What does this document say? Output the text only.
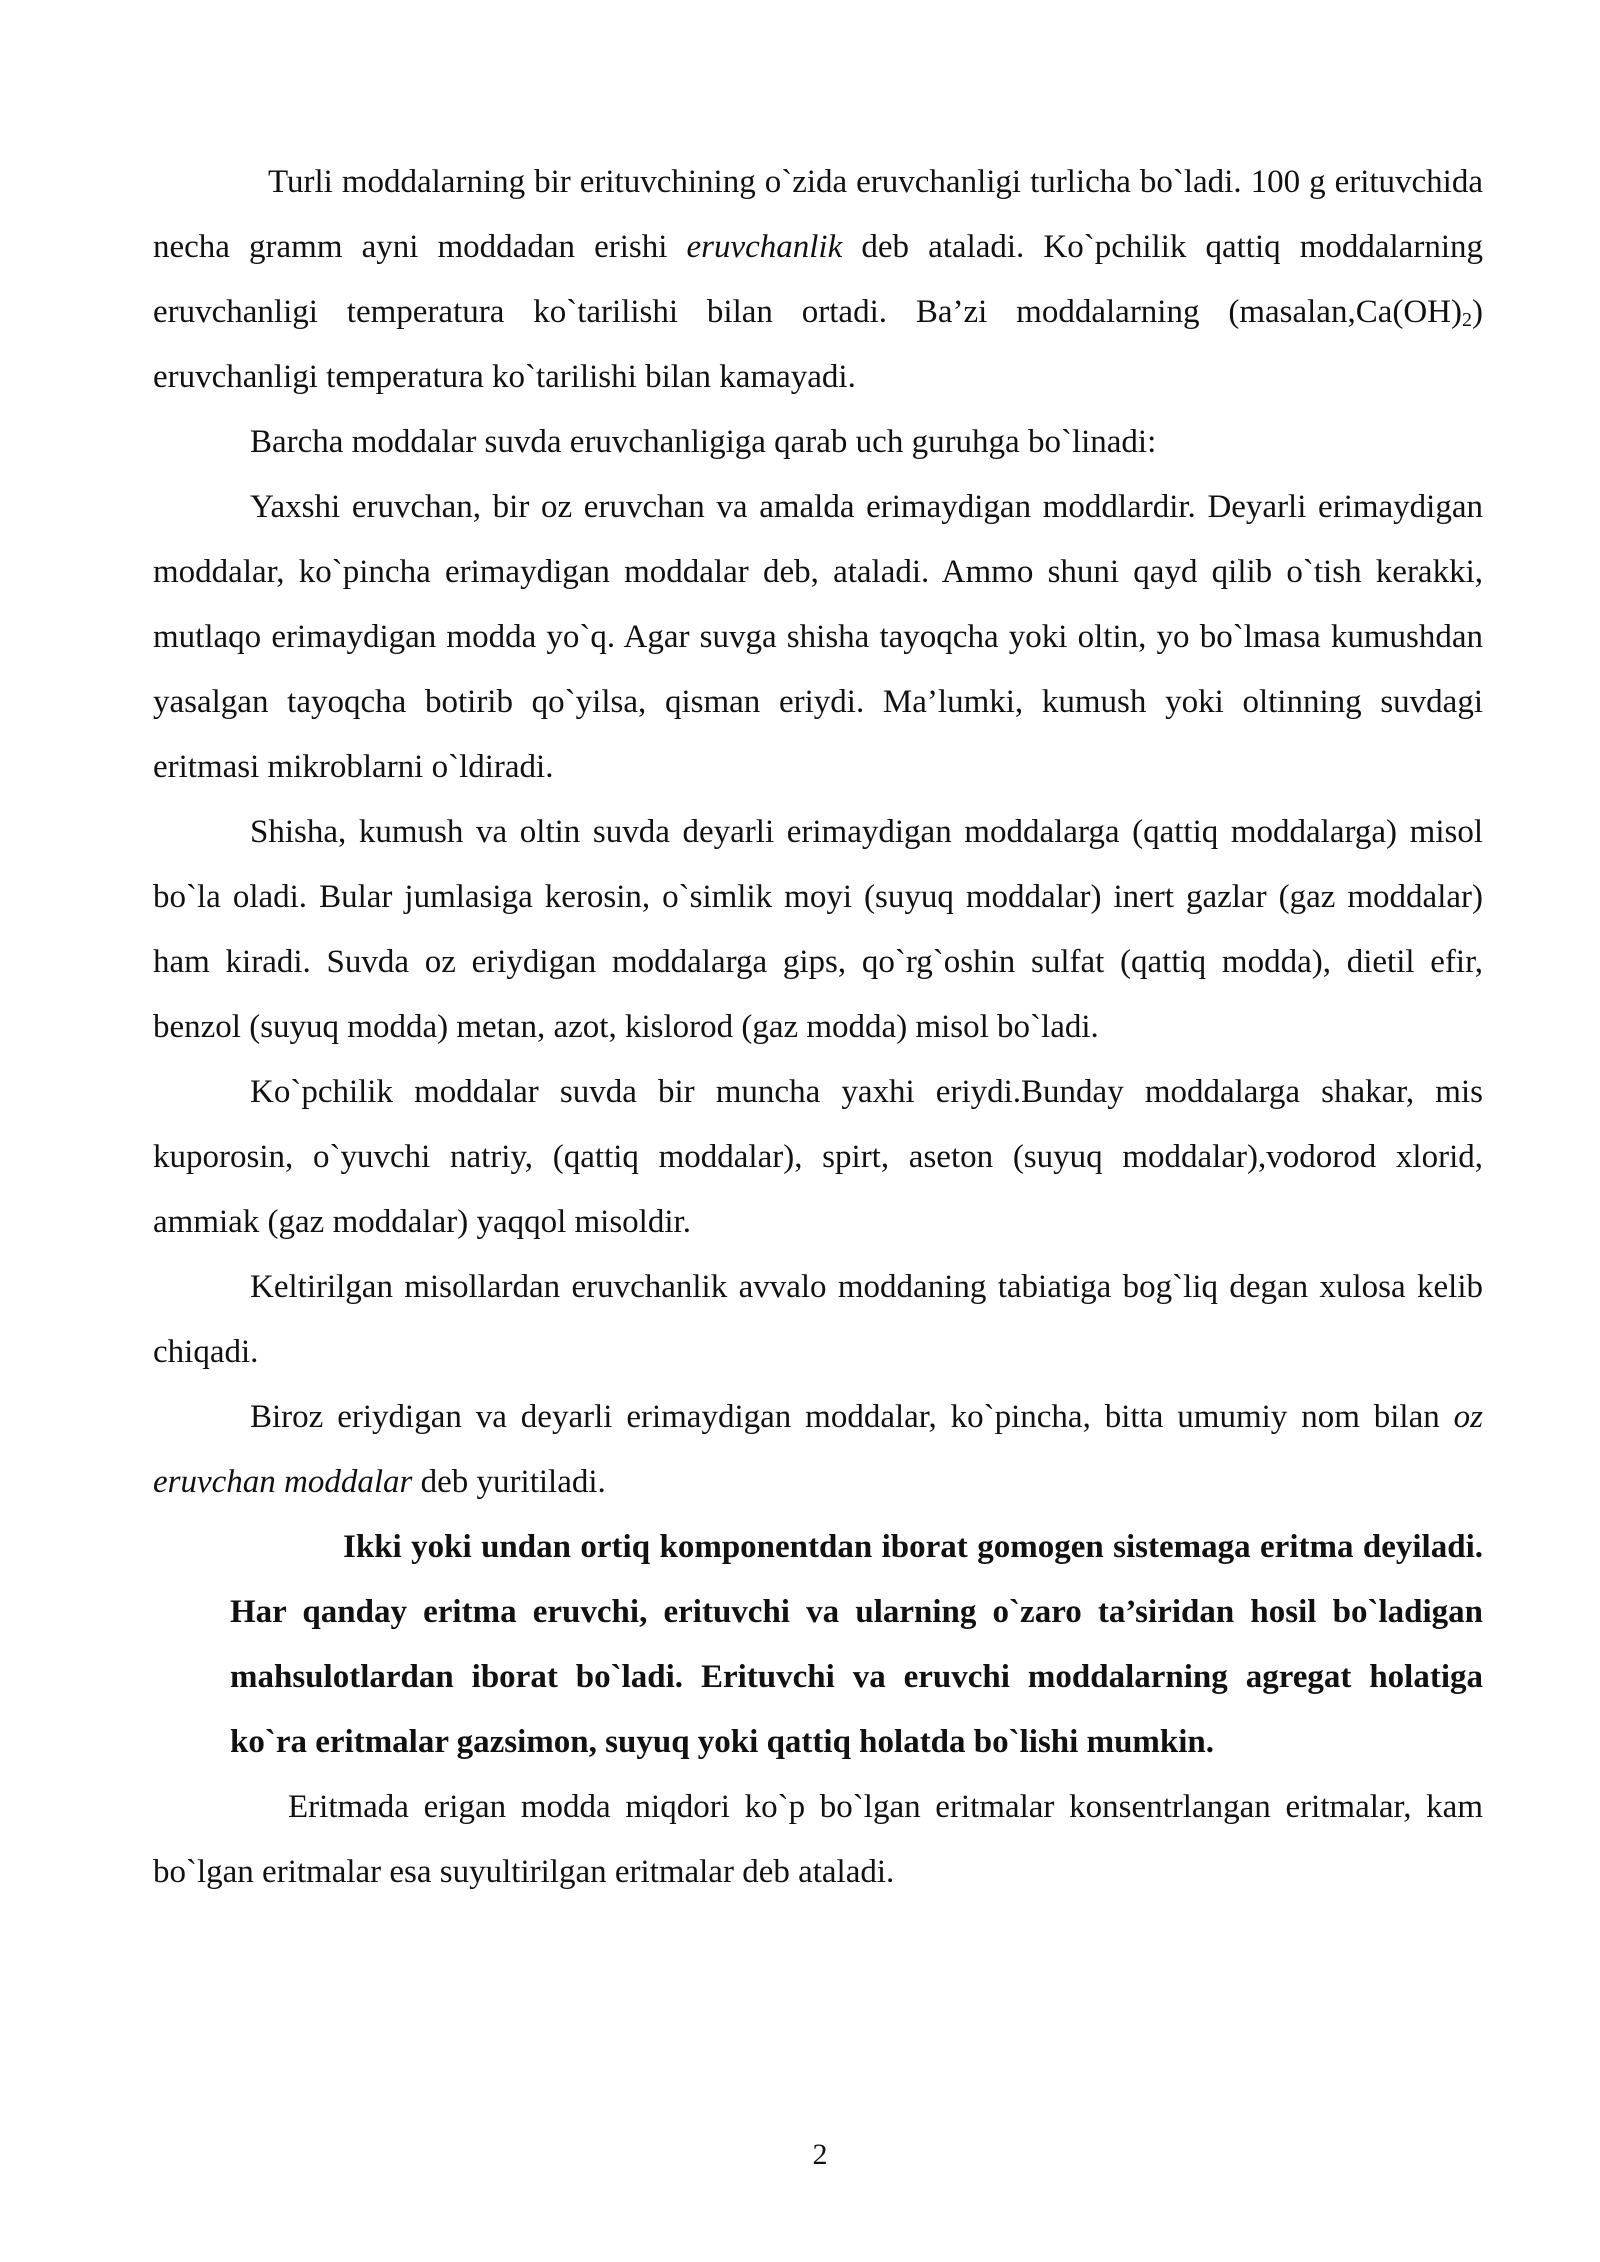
Turli moddalarning bir erituvchining o`zida eruvchanligi turlicha bo`ladi. 100 g erituvchida necha gramm ayni moddadan erishi eruvchanlik deb ataladi. Ko`pchilik qattiq moddalarning eruvchanligi temperatura ko`tarilishi bilan ortadi. Ba’zi moddalarning $(masalan,Ca(OH)_2)$ eruvchanligi temperatura ko`tarilishi bilan kamayadi.

Barcha moddalar suvda eruvchanligiga qarab uch guruhga bo`linadi:

Yaxshi eruvchan, bir oz eruvchan va amalda erimaydigan moddlardir. Deyarli erimaydigan moddalar, ko`pincha erimaydigan moddalar deb, ataladi. Ammo shuni qayd qilib o`tish kerakki, mutlaqo erimaydigan modda yo`q. Agar suvga shisha tayoqcha yoki oltin, yo bo`lmasa kumushdan yasalgan tayoqcha botirib qo`yilsa, qisman eriydi. Ma’lumki, kumush yoki oltinning suvdagi eritmasi mikroblarni o`ldiradi.

Shisha, kumush va oltin suvda deyarli erimaydigan moddalarga (qattiq moddalarga) misol bo`la oladi. Bular jumlasiga kerosin, o`simlik moyi (suyuq moddalar) inert gazlar (gaz moddalar) ham kiradi. Suvda oz eriydigan moddalarga gips, qo`rg`oshin sulfat (qattiq modda), dietil efir, benzol (suyuq modda) metan, azot, kislorod (gaz modda) misol bo`ladi.

Ko`pchilik moddalar suvda bir muncha yaxhi eriydi.Bunday moddalarga shakar, mis kuporosin, o`yuvchi natriy, (qattiq moddalar), spirt, aseton (suyuq moddalar),vodorod xlorid, ammiak (gaz moddalar) yaqqol misoldir.

Keltirilgan misollardan eruvchanlik avvalo moddaning tabiatiga bog`liq degan xulosa kelib chiqadi.

Biroz eriydigan va deyarli erimaydigan moddalar, ko`pincha, bitta umumiy nom bilan oz eruvchan moddalar deb yuritiladi.

Ikki yoki undan ortiq komponentdan iborat gomogen sistemaga eritma deyiladi. Har qanday eritma eruvchi, erituvchi va ularning o`zaro ta’siridan hosil bo`ladigan mahsulotlardan iborat bo`ladi. Erituvchi va eruvchi moddalarning agregat holatiga ko`ra eritmalar gazsimon, suyuq yoki qattiq holatda bo`lishi mumkin.

Eritmada erigan modda miqdori ko`p bo`lgan eritmalar konsentrlangan eritmalar, kam bo`lgan eritmalar esa suyultirilgan eritmalar deb ataladi.

2
